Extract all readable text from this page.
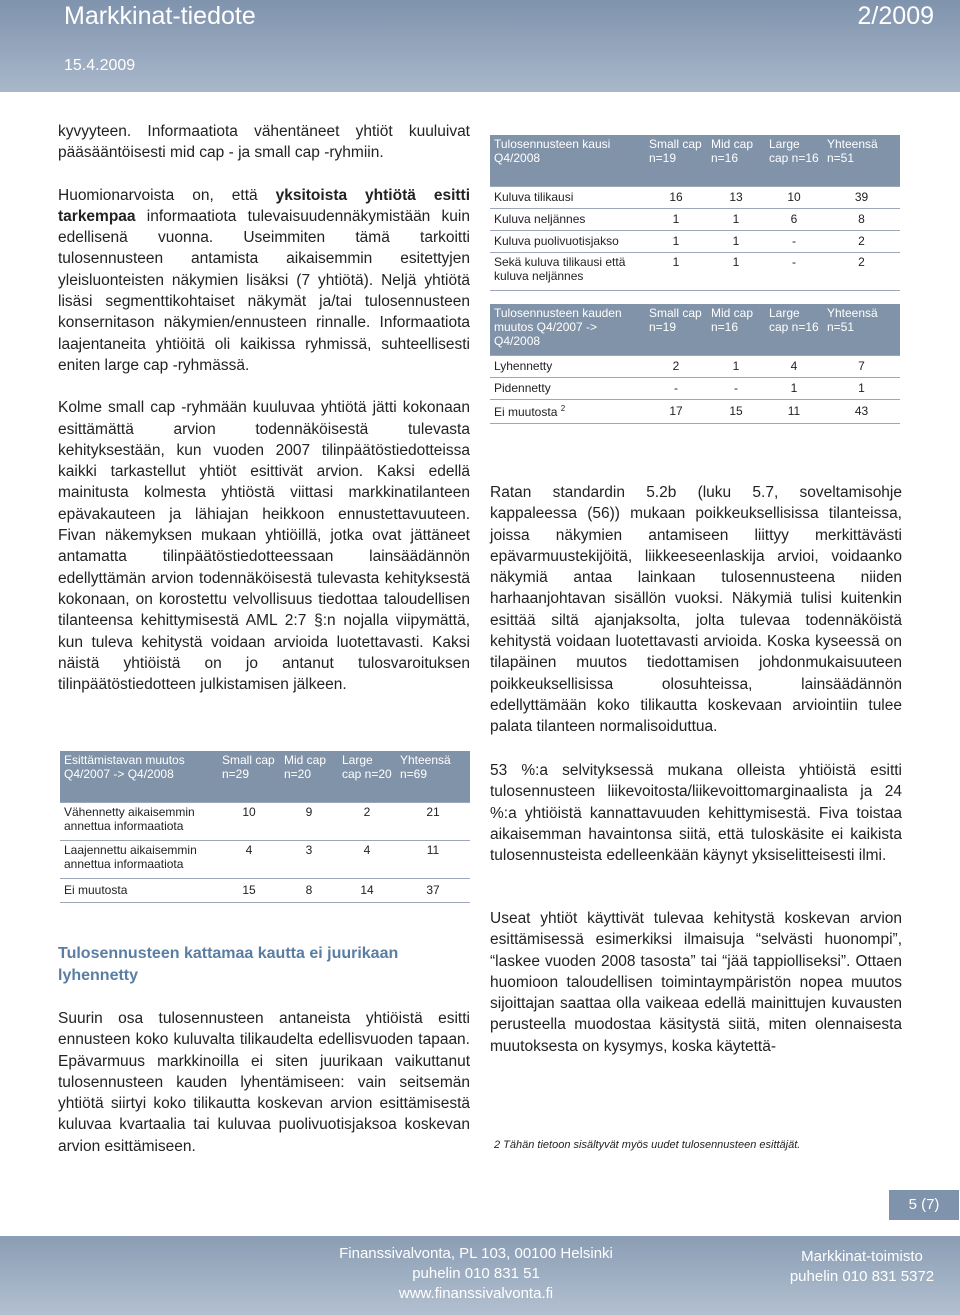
Markkinat-tiedote	2/2009
15.4.2009

kyvyyteen. Informaatiota vähentäneet yhtiöt kuuluivat pääsääntöisesti mid cap - ja small cap -ryhmiin.

Huomionarvoista on, että yksitoista yhtiötä esitti tarkempaa informaatiota tulevaisuudennäkymistään kuin edellisenä vuonna. Useimmiten tämä tarkoitti tulosennusteen antamista aikaisemmin esitettyjen yleisluonteisten näkymien lisäksi (7 yhtiötä). Neljä yhtiötä lisäsi segmenttikohtaiset näkymät ja/tai tulosennusteen konsernitason näkymien/ennusteen rinnalle. Informaatiota laajentaneita yhtiöitä oli kaikissa ryhmissä, suhteellisesti eniten large cap -ryhmässä.

Kolme small cap -ryhmään kuuluvaa yhtiötä jätti kokonaan esittämättä arvion todennäköisestä tulevasta kehityksestään, kun vuoden 2007 tilinpäätöstiedotteissa kaikki tarkastellut yhtiöt esittivät arvion. Kaksi edellä mainitusta kolmesta yhtiöstä viittasi markkinatilanteen epävakauteen ja lähiajan heikkoon ennustettavuuteen. Fivan näkemyksen mukaan yhtiöillä, jotka ovat jättäneet antamatta tilinpäätöstiedotteessaan lainsäädännön edellyttämän arvion todennäköisestä tulevasta kehityksestä kokonaan, on korostettu velvollisuus tiedottaa taloudellisen tilanteensa kehittymisestä AML 2:7 §:n nojalla viipymättä, kun tuleva kehitystä voidaan arvioida luotettavasti. Kaksi näistä yhtiöistä on jo antanut tulosvaroituksen tilinpäätöstiedotteen julkistamisen jälkeen.

Tulosennusteen kausi Q4/2008	Small cap n=19	Mid cap n=16	Large cap n=16	Yhteensä n=51
Kuluva tilikausi	16	13	10	39
Kuluva neljännes	1	1	6	8
Kuluva puolivuotisjakso	1	1	-	2
Sekä kuluva tilikausi että kuluva neljännes	1	1	-	2

Tulosennusteen kauden muutos Q4/2007 -> Q4/2008	Small cap n=19	Mid cap n=16	Large cap n=16	Yhteensä n=51
Lyhennetty	2	1	4	7
Pidennetty	-	-	1	1
Ei muutosta $^2$	17	15	11	43

Ratan standardin 5.2b (luku 5.7, soveltamisohje kappaleessa (56)) mukaan poikkeuksellisissa tilanteissa, joissa näkymien antamiseen liittyy merkittävästi epävarmuustekijöitä, liikkeeseenlaskija arvioi, voidaanko näkymiä antaa lainkaan tulosennusteena niiden harhaanjohtavan sisällön vuoksi. Näkymiä tulisi kuitenkin esittää siltä ajanjaksolta, jolta tulevaa todennäköistä kehitystä voidaan luotettavasti arvioida. Koska kyseessä on tilapäinen muutos tiedottamisen johdonmukaisuuteen poikkeuksellisissa olosuhteissa, lainsäädännön edellyttämään koko tilikautta koskevaan arviointiin tulee palata tilanteen normalisoiduttua.

Esittämistavan muutos Q4/2007 -> Q4/2008	Small cap n=29	Mid cap n=20	Large cap n=20	Yhteensä n=69
Vähennetty aikaisemmin annettua informaatiota	10	9	2	21
Laajennettu aikaisemmin annettua informaatiota	4	3	4	11
Ei muutosta	15	8	14	37

53 %:a selvityksessä mukana olleista yhtiöistä esitti tulosennusteen liikevoitosta/liikevoittomarginaalista ja 24 %:a yhtiöistä kannattavuuden kehittymisestä. Fiva toistaa aikaisemman havaintonsa siitä, että tuloskäsite ei kaikista tulosennusteista edelleenkään käynyt yksiselitteisesti ilmi.

Useat yhtiöt käyttivät tulevaa kehitystä koskevan arvion esittämisessä esimerkiksi ilmaisuja “selvästi huonompi”, “laskee vuoden 2008 tasosta” tai “jää tappiolliseksi”. Ottaen huomioon taloudellisen toimintaympäristön nopea muutos sijoittajan saattaa olla vaikeaa edellä mainittujen kuvausten perusteella muodostaa käsitystä siitä, miten olennaisesta muutoksesta on kysymys, koska käytettä-

Tulosennusteen kattamaa kautta ei juurikaan lyhennetty

Suurin osa tulosennusteen antaneista yhtiöistä esitti ennusteen koko kuluvalta tilikaudelta edellisvuoden tapaan. Epävarmuus markkinoilla ei siten juurikaan vaikuttanut tulosennusteen kauden lyhentämiseen: vain seitsemän yhtiötä siirtyi koko tilikautta koskevan arvion esittämisestä kuluvaa kvartaalia tai kuluvaa puolivuotisjaksoa koskevan arvion esittämiseen.	2 Tähän tietoon sisältyvät myös uudet tulosennusteen esittäjät.
5 (7)
Finanssivalvonta, PL 103, 00100 Helsinki
puhelin 010 831 51
www.finanssivalvonta.fi
Markkinat-toimisto
puhelin 010 831 5372
